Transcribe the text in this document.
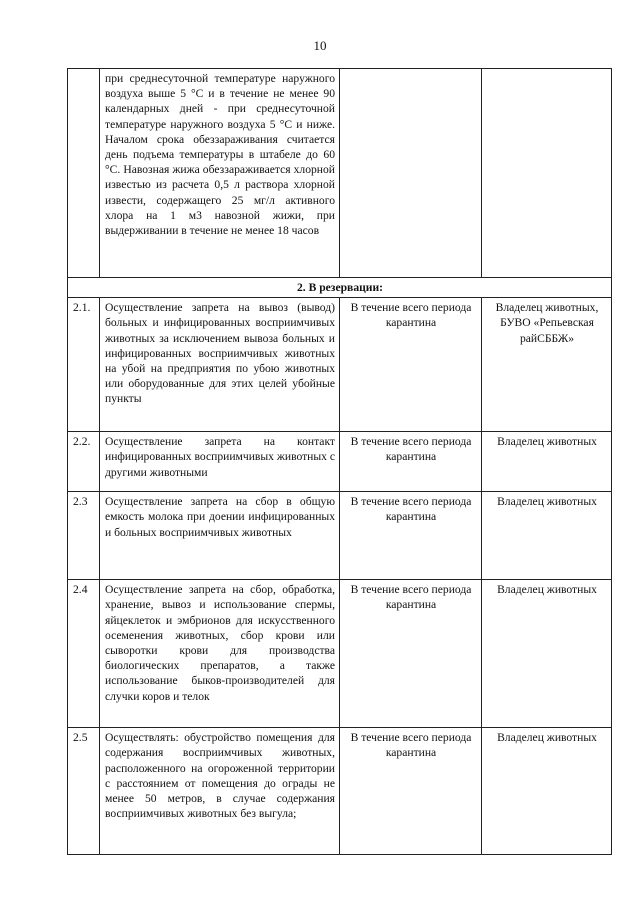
10
	при среднесуточной температуре наружного воздуха выше 5 °С и в течение не менее 90 календарных дней - при среднесуточной температуре наружного воздуха 5 °С и ниже. Началом срока обеззараживания считается день подъема температуры в штабеле до 60 °С. Навозная жижа обеззараживается хлорной известью из расчета 0,5 л раствора хлорной извести, содержащего 25 мг/л активного хлора на 1 м3 навозной жижи, при выдерживании в течение не менее 18 часов		
2. В резервации:			
2.1.	Осуществление запрета на вывоз (вывод) больных и инфицированных восприимчивых животных за исключением вывоза больных и инфицированных восприимчивых животных на убой на предприятия по убою животных или оборудованные для этих целей убойные пункты	В течение всего периода карантина	Владелец животных, БУВО «Репьевская райСББЖ»
2.2.	Осуществление запрета на контакт инфицированных восприимчивых животных с другими животными	В течение всего периода карантина	Владелец животных
2.3	Осуществление запрета на сбор в общую емкость молока при доении инфицированных и больных восприимчивых животных	В течение всего периода карантина	Владелец животных
2.4	Осуществление запрета на сбор, обработка, хранение, вывоз и использование спермы, яйцеклеток и эмбрионов для искусственного осеменения животных, сбор крови или сыворотки крови для производства биологических препаратов, а также использование быков-производителей для случки коров и телок	В течение всего периода карантина	Владелец животных
2.5	Осуществлять: обустройство помещения для содержания восприимчивых животных, расположенного на огороженной территории с расстоянием от помещения до ограды не менее 50 метров, в случае содержания восприимчивых животных без выгула;	В течение всего периода карантина	Владелец животных
